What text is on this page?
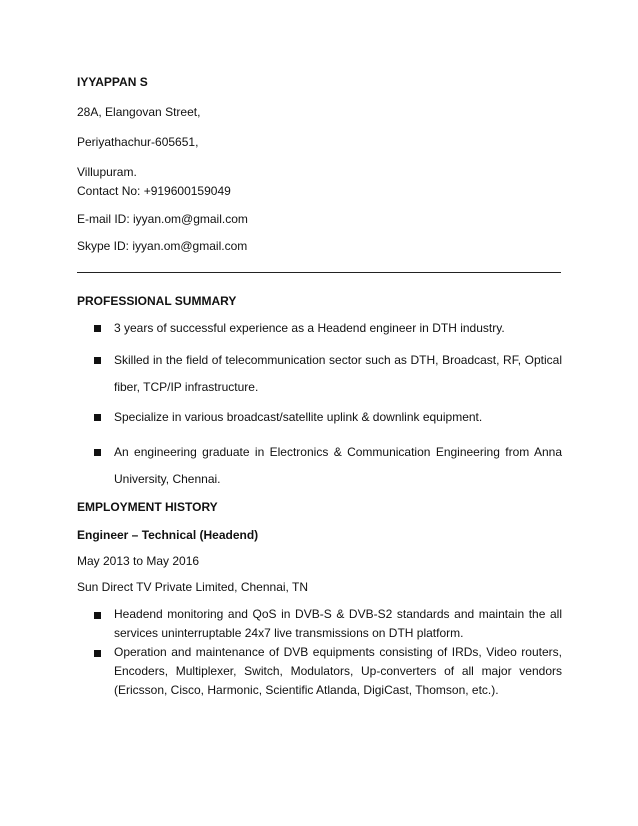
IYYAPPAN S
28A, Elangovan Street,
Periyathachur-605651,
Villupuram.
Contact No: +919600159049
E-mail ID: iyyan.om@gmail.com
Skype ID: iyyan.om@gmail.com
PROFESSIONAL SUMMARY
3 years of successful experience as a Headend engineer in DTH industry.
Skilled in the field of telecommunication sector such as DTH, Broadcast, RF, Optical fiber, TCP/IP infrastructure.
Specialize in various broadcast/satellite uplink & downlink equipment.
An engineering graduate in Electronics & Communication Engineering from Anna University, Chennai.
EMPLOYMENT HISTORY
Engineer – Technical (Headend)
May 2013 to May 2016
Sun Direct TV Private Limited, Chennai, TN
Headend monitoring and QoS in DVB-S & DVB-S2 standards and maintain the all services uninterruptable 24x7 live transmissions on DTH platform.
Operation and maintenance of DVB equipments consisting of IRDs, Video routers, Encoders, Multiplexer, Switch, Modulators, Up-converters of all major vendors (Ericsson, Cisco, Harmonic, Scientific Atlanda, DigiCast, Thomson, etc.).
